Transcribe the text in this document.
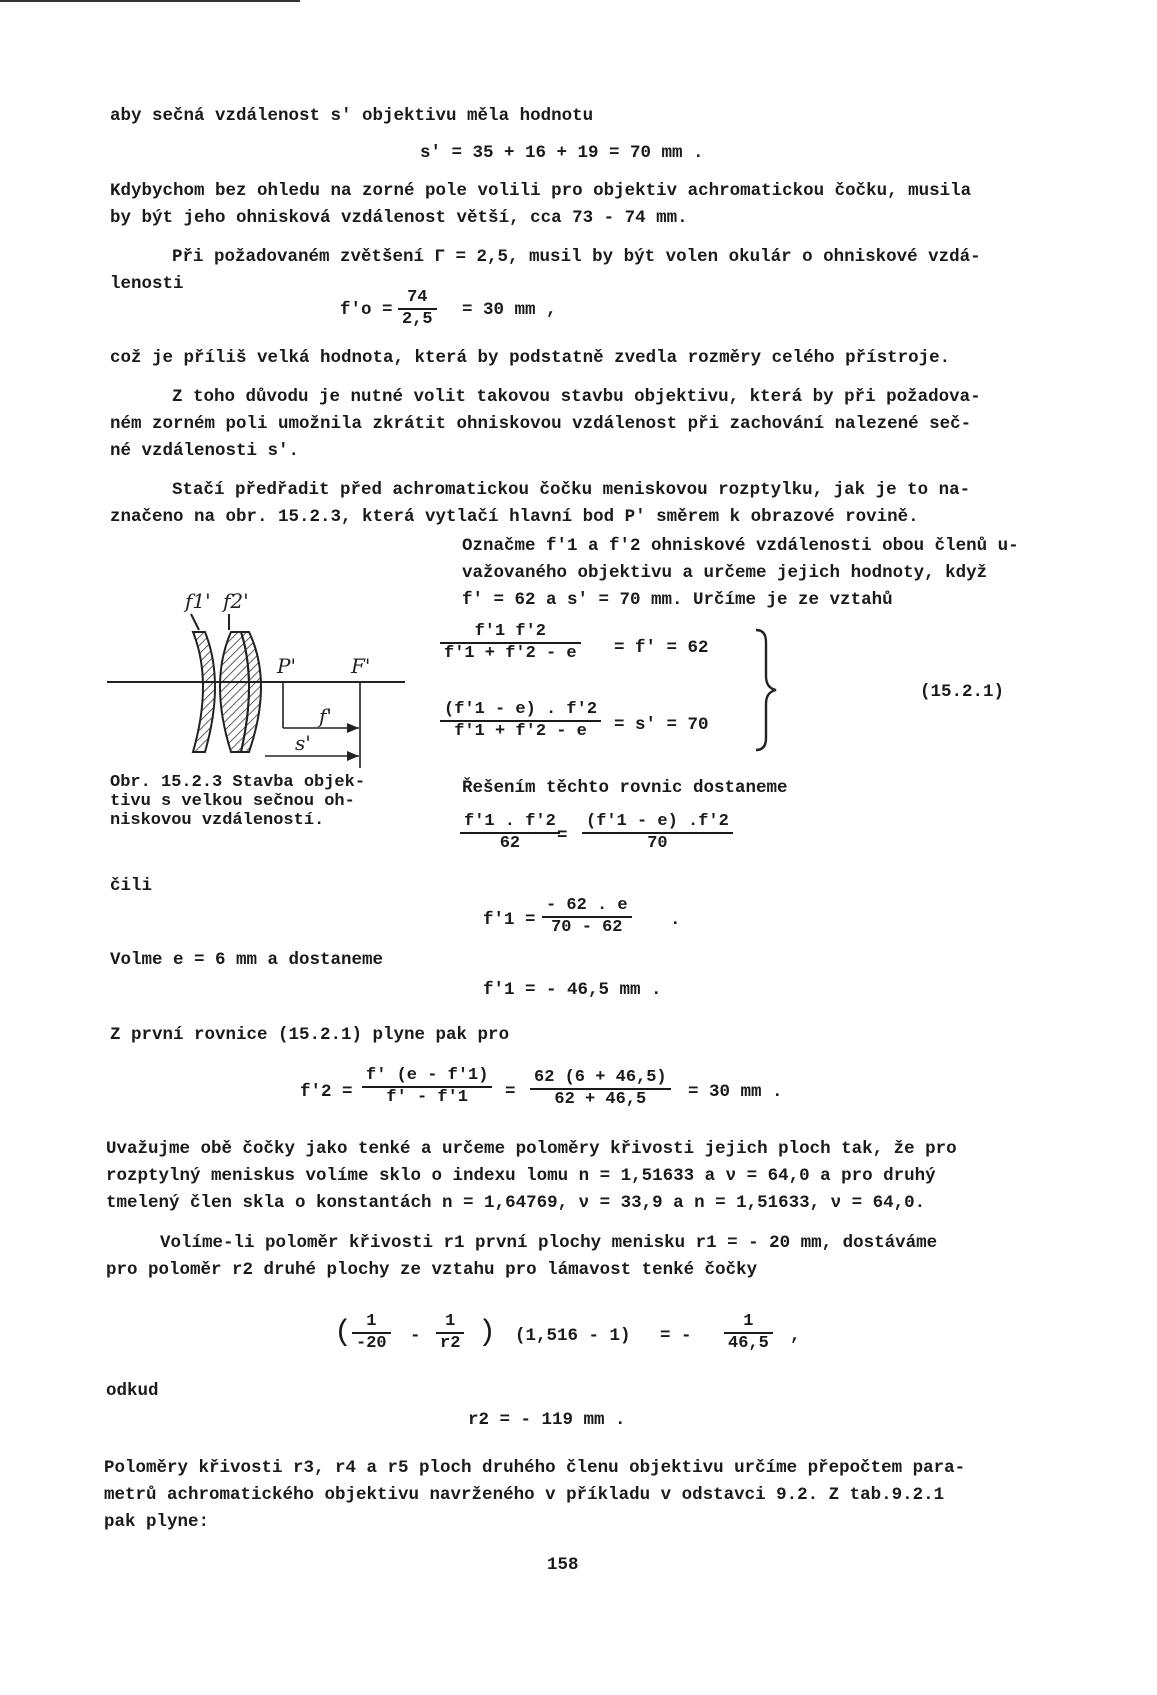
aby sečná vzdálenost s' objektivu měla hodnotu
s' = 35 + 16 + 19 = 70 mm .
Kdybychom bez ohledu na zorné pole volili pro objektiv achromatickou čočku, musila
by být jeho ohnisková vzdálenost větší, cca 73 - 74 mm.
Při požadovaném zvětšení Γ = 2,5, musil by být volen okulár o ohniskové vzdá-
lenosti
f'o =
74
2,5 = 30 mm ,
což je příliš velká hodnota, která by podstatně zvedla rozměry celého přístroje.
Z toho důvodu je nutné volit takovou stavbu objektivu, která by při požadova-
ném zorném poli umožnila zkrátit ohniskovou vzdálenost při zachování nalezené seč-
né vzdálenosti s'.
Stačí předřadit před achromatickou čočku meniskovou rozptylku, jak je to na-
značeno na obr. 15.2.3, která vytlačí hlavní bod P' směrem k obrazové rovině.
Označme f'1 a f'2 ohniskové vzdálenosti obou členů u-
važovaného objektivu a určeme jejich hodnoty, když
f' = 62 a s' = 70 mm. Určíme je ze vztahů
f1' f2'
P'
f'
F'
s'
f'1 f'2
f'1 + f'2 - e = f' = 62
(f'1 - e) . f'2
f'1 + f'2 - e = s' = 70
(15.2.1)
Obr. 15.2.3 Stavba objek-
tivu s velkou sečnou oh-
niskovou vzdáleností.
Řešením těchto rovnic dostaneme
f'1 . f'2
62 =
(f'1 - e) .f'2
70
čili
f'1 =
- 62 . e
70 - 62	.
Volme e = 6 mm a dostaneme
f'1 = - 46,5 mm .
Z první rovnice (15.2.1) plyne pak pro
f'2 =
f' (e - f'1)
f' - f'1 =
62 (6 + 46,5)
62 + 46,5 = 30 mm .
Uvažujme obě čočky jako tenké a určeme poloměry křivosti jejich ploch tak, že pro
rozptylný meniskus volíme sklo o indexu lomu n = 1,51633 a ν = 64,0 a pro druhý
tmelený člen skla o konstantách n = 1,64769, ν = 33,9 a n = 1,51633, ν = 64,0.
Volíme-li poloměr křivosti r1 první plochy menisku r1 = - 20 mm, dostáváme
pro poloměr r2 druhé plochy ze vztahu pro lámavost tenké čočky
( 1
-20 -
1
r2 ) (1,516 - 1) = -
1
46,5 ,
odkud
r2 = - 119 mm .
Poloměry křivosti r3, r4 a r5 ploch druhého členu objektivu určíme přepočtem para-
metrů achromatického objektivu navrženého v příkladu v odstavci 9.2. Z tab.9.2.1
pak plyne:
158
